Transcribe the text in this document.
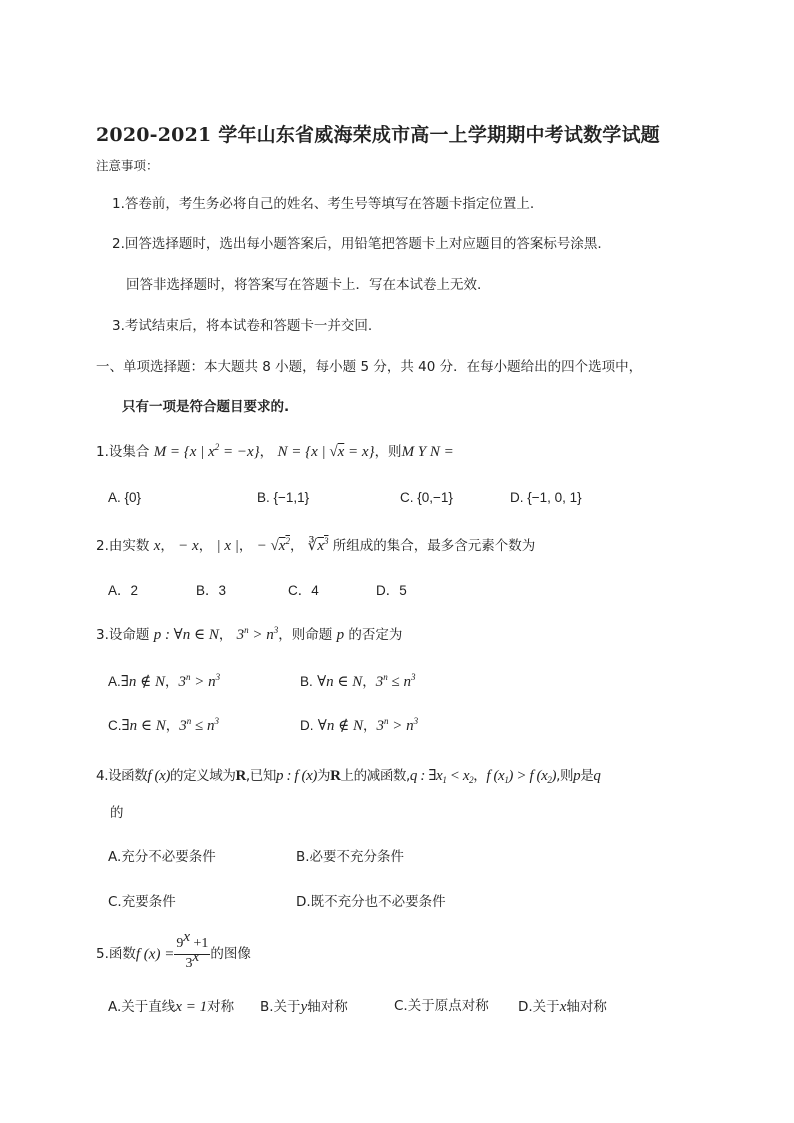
2020-2021 学年山东省威海荣成市高一上学期期中考试数学试题
注意事项：
1.答卷前，考生务必将自己的姓名、考生号等填写在答题卡指定位置上.
2.回答选择题时，选出每小题答案后，用铅笔把答题卡上对应题目的答案标号涂黑.
回答非选择题时，将答案写在答题卡上．写在本试卷上无效.
3.考试结束后，将本试卷和答题卡一并交回.
一、单项选择题：本大题共 8 小题，每小题 5 分，共 40 分．在每小题给出的四个选项中，
只有一项是符合题目要求的.
1.设集合 M = {x | $x^2 = -x$}， N = {x | √x = x}，则M Y N =
A. {0}	B. {−1,1}	C. {0,−1}	D. {−1, 0, 1}
2.由实数 x， − x， | x |， − $√x^2$， $∛x^3$ 所组成的集合，最多含元素个数为
A．2	B．3	C．4	D．5
3.设命题 p : ∀n ∈ N， $3^n > n^3$，则命题 p 的否定为
A.∃n ∉ N，$3^n > n^3$	B. ∀n ∈ N，$3^n \le n^3$
C.∃n ∈ N，$3^n \le n^3$	D. ∀n ∉ N，$3^n > n^3$
4.设函数f (x)的定义域为R,已知p : f (x)为R上的减函数,q : $\exists x_1 < x_2$，f $(x_1) > f$ $(x_2)$,则p是q
的
A.充分不必要条件	B.必要不充分条件
C.充要条件	D.既不充分也不必要条件
5.函数f $(x) = \frac{9^x +1}{3^x}$ 的图像
A.关于直线x = 1对称 B.关于y轴对称	C.关于原点对称 D.关于x轴对称
